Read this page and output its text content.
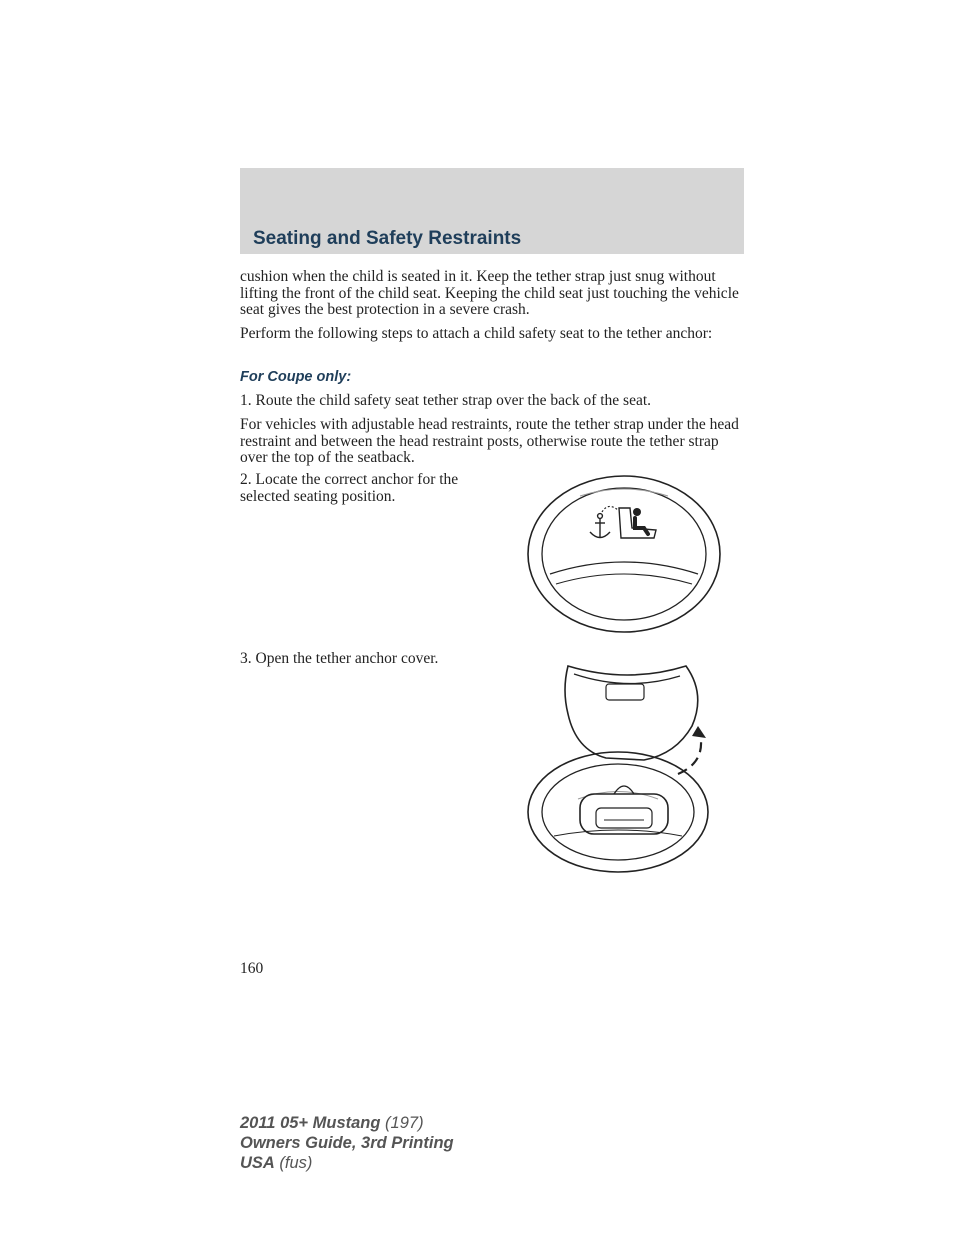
Seating and Safety Restraints

cushion when the child is seated in it. Keep the tether strap just snug without lifting the front of the child seat. Keeping the child seat just touching the vehicle seat gives the best protection in a severe crash.

Perform the following steps to attach a child safety seat to the tether anchor:

For Coupe only:

1. Route the child safety seat tether strap over the back of the seat.

For vehicles with adjustable head restraints, route the tether strap under the head restraint and between the head restraint posts, otherwise route the tether strap over the top of the seatback.

2. Locate the correct anchor for the selected seating position.

3. Open the tether anchor cover.

160
2011 05+ Mustang (197)
Owners Guide, 3rd Printing
USA (fus)
